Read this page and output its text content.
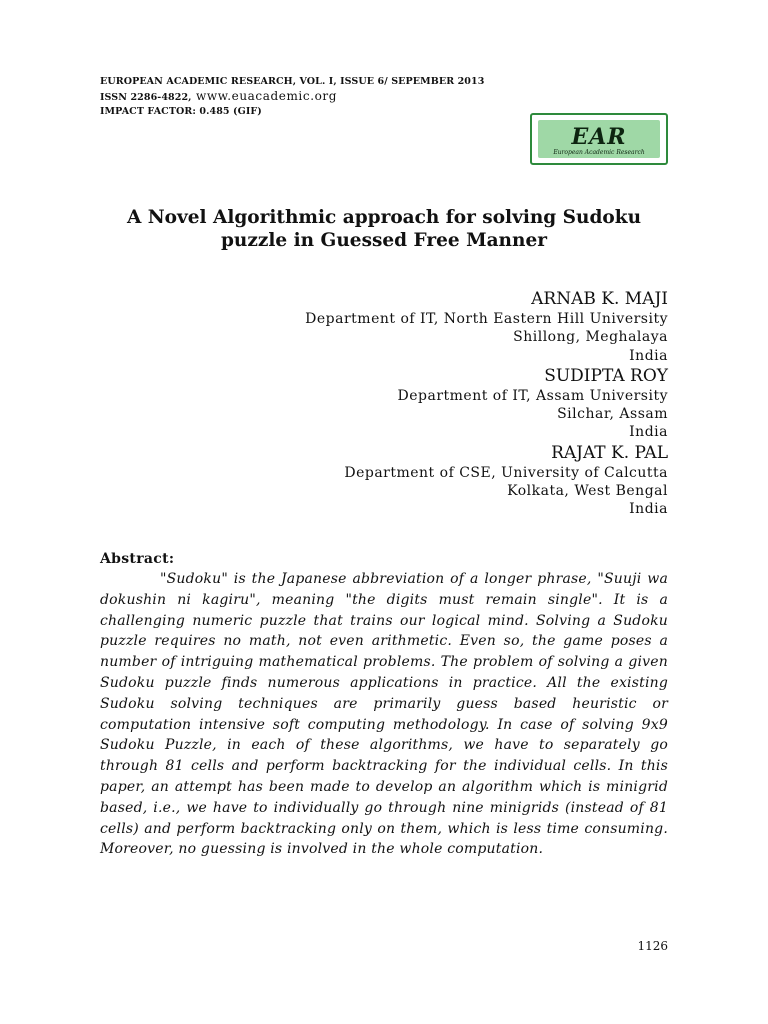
EUROPEAN ACADEMIC RESEARCH, VOL. I, ISSUE 6/ SEPEMBER 2013
ISSN 2286-4822, www.euacademic.org
IMPACT FACTOR: 0.485 (GIF)
EAR
European Academic Research
A Novel Algorithmic approach for solving Sudoku
puzzle in Guessed Free Manner
ARNAB K. MAJI
Department of IT, North Eastern Hill University
Shillong, Meghalaya
India
SUDIPTA ROY
Department of IT, Assam University
Silchar, Assam
India
RAJAT K. PAL
Department of CSE, University of Calcutta
Kolkata, West Bengal
India
Abstract:

"Sudoku" is the Japanese abbreviation of a longer phrase, "Suuji wa dokushin ni kagiru", meaning "the digits must remain single". It is a challenging numeric puzzle that trains our logical mind. Solving a Sudoku puzzle requires no math, not even arithmetic. Even so, the game poses a number of intriguing mathematical problems. The problem of solving a given Sudoku puzzle finds numerous applications in practice. All the existing Sudoku solving techniques are primarily guess based heuristic or computation intensive soft computing methodology. In case of solving 9x9 Sudoku Puzzle, in each of these algorithms, we have to separately go through 81 cells and perform backtracking for the individual cells. In this paper, an attempt has been made to develop an algorithm which is minigrid based, i.e., we have to individually go through nine minigrids (instead of 81 cells) and perform backtracking only on them, which is less time consuming. Moreover, no guessing is involved in the whole computation.

1126
